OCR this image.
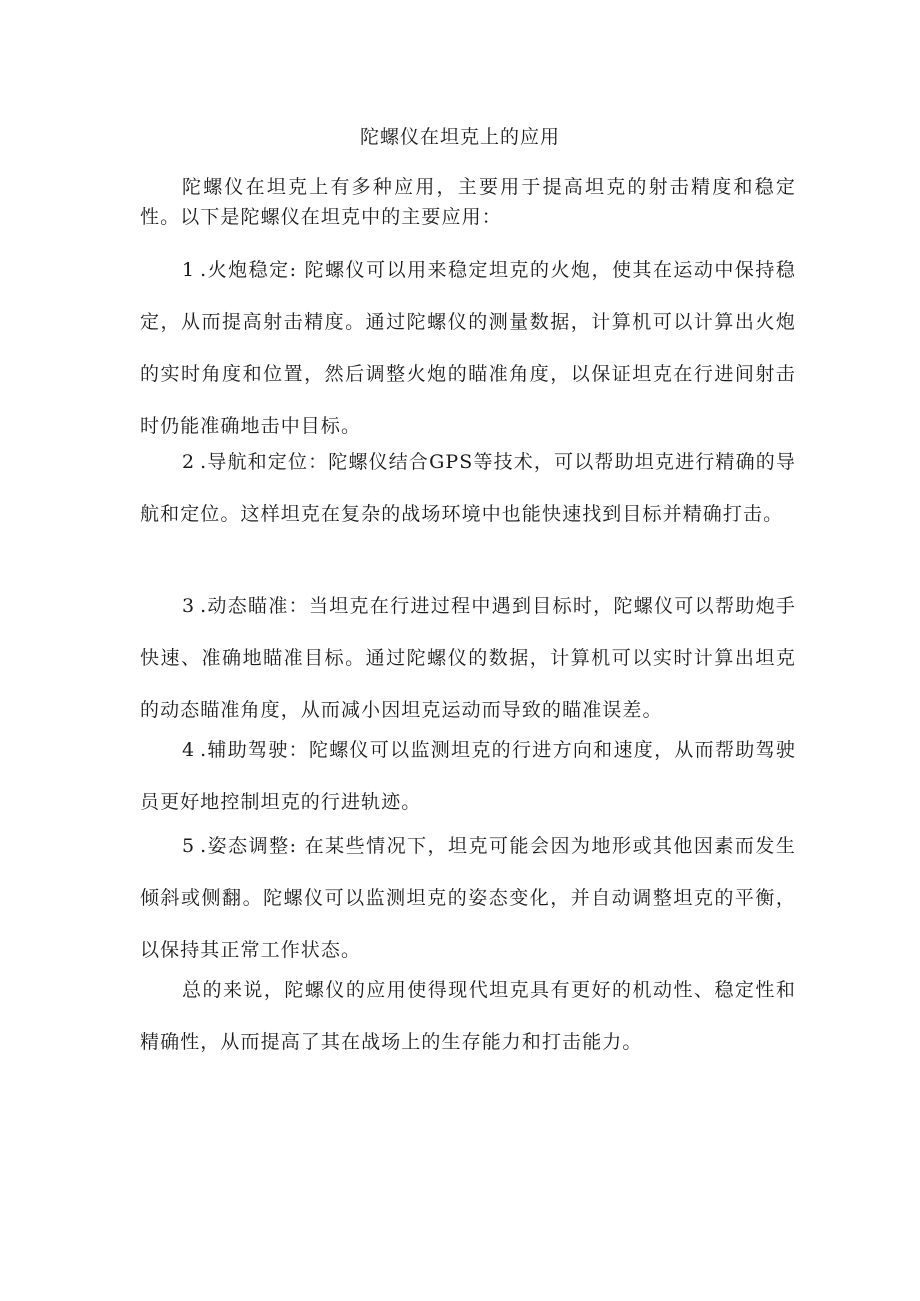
陀螺仪在坦克上的应用

陀螺仪在坦克上有多种应用，主要用于提高坦克的射击精度和稳定性。以下是陀螺仪在坦克中的主要应用：

1.火炮稳定: 陀螺仪可以用来稳定坦克的火炮，使其在运动中保持稳定，从而提高射击精度。通过陀螺仪的测量数据，计算机可以计算出火炮的实时角度和位置，然后调整火炮的瞄准角度，以保证坦克在行进间射击时仍能准确地击中目标。

2.导航和定位：陀螺仪结合GPS等技术，可以帮助坦克进行精确的导航和定位。这样坦克在复杂的战场环境中也能快速找到目标并精确打击。

3.动态瞄准：当坦克在行进过程中遇到目标时，陀螺仪可以帮助炮手快速、准确地瞄准目标。通过陀螺仪的数据，计算机可以实时计算出坦克的动态瞄准角度，从而减小因坦克运动而导致的瞄准误差。

4.辅助驾驶：陀螺仪可以监测坦克的行进方向和速度，从而帮助驾驶员更好地控制坦克的行进轨迹。

5.姿态调整: 在某些情况下，坦克可能会因为地形或其他因素而发生倾斜或侧翻。陀螺仪可以监测坦克的姿态变化，并自动调整坦克的平衡，以保持其正常工作状态。

总的来说，陀螺仪的应用使得现代坦克具有更好的机动性、稳定性和精确性，从而提高了其在战场上的生存能力和打击能力。
